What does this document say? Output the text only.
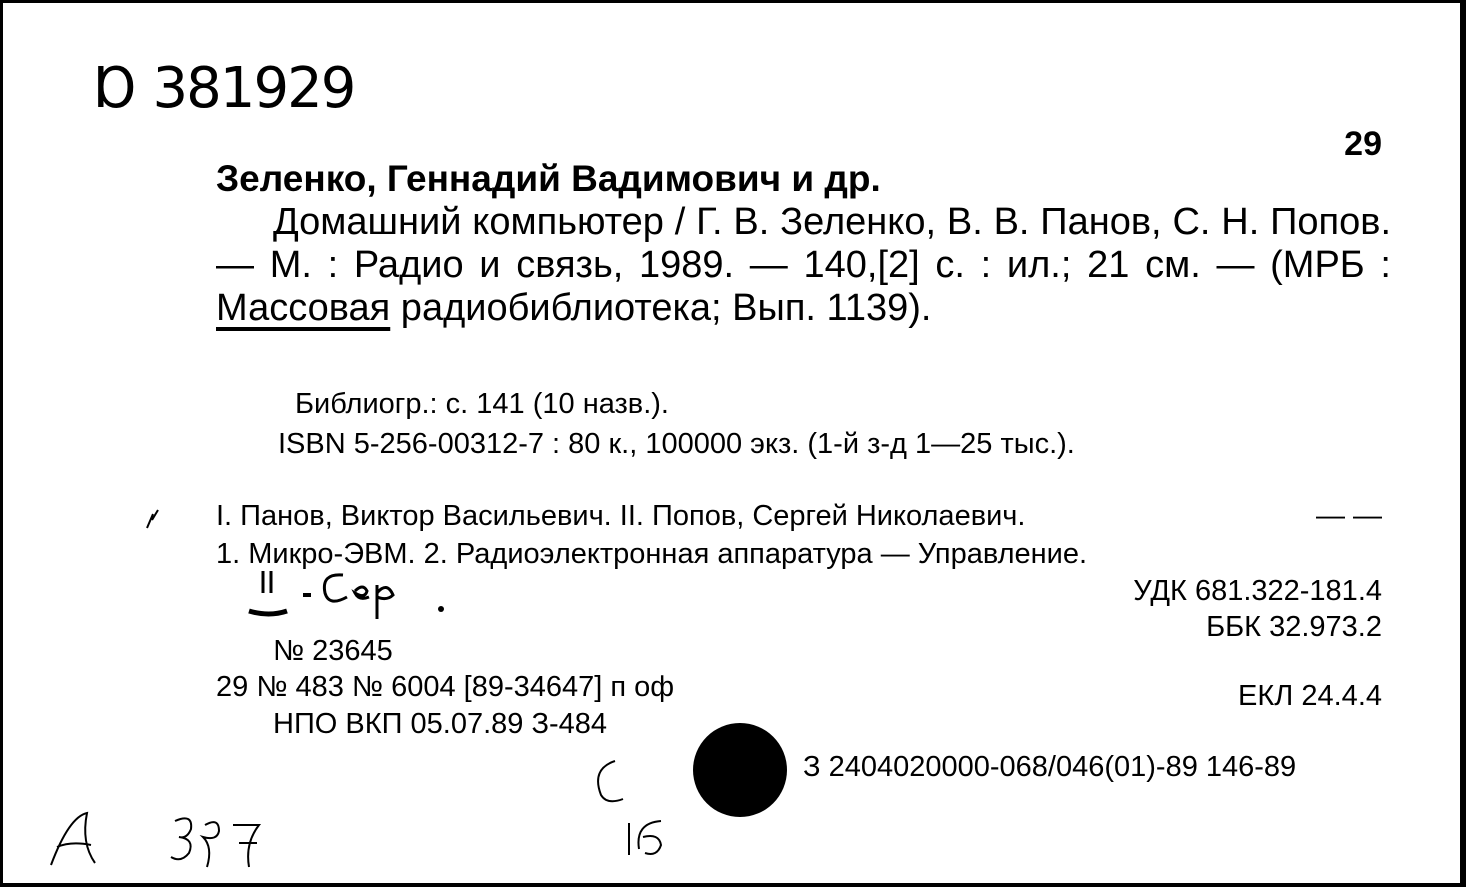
Ɒ 381929
29
Зеленко, Геннадий Вадимович и др.
Домашний компьютер / Г. В. Зеленко, В. В. Панов, С. Н. Попов. — М. : Радио и связь, 1989. — 140,[2] с. : ил.; 21 см. — (МРБ : Массовая радиобиблиотека; Вып. 1139).
Библиогр.: с. 141 (10 назв.).
ISBN 5-256-00312-7 : 80 к., 100000 экз. (1-й з-д 1—25 тыс.).
I. Панов, Виктор Васильевич. II. Попов, Сергей Николаевич.	— —
1. Микро-ЭВМ. 2. Радиоэлектронная аппаратура — Управление.
УДК 681.322-181.4
ББК 32.973.2
№ 23645
29 № 483 № 6004 [89-34647] п оф	ЕКЛ 24.4.4
НПО ВКП 05.07.89 З-484
З 2404020000-068/046(01)-89 146-89
